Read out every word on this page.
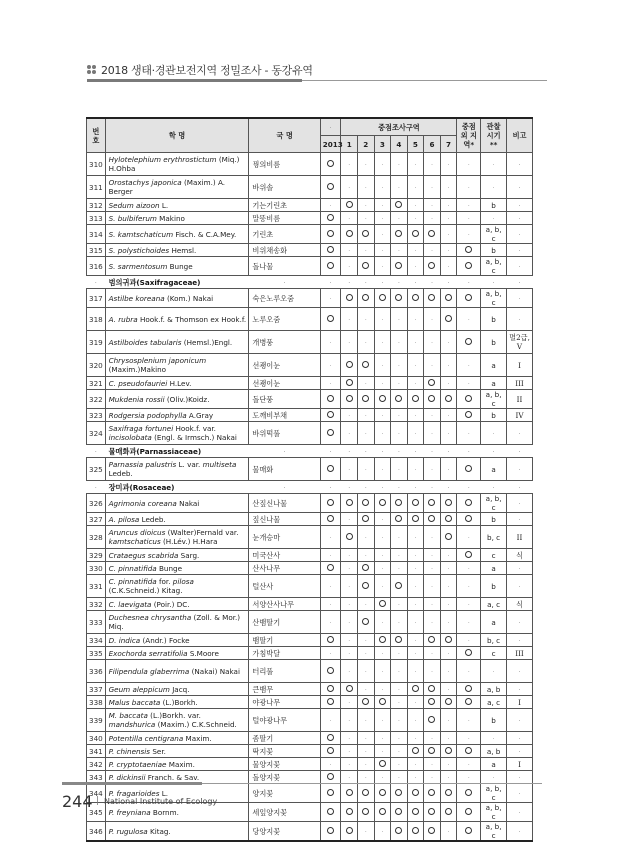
2018 생태·경관보전지역 정밀조사 - 동강유역
번호	학 명	국 명	·	중점조사구역							중점외 지역*	관찰 시기**	비고
			2013	1	2	3	4	5	6	7			
310	Hylotelephium erythrostictum (Miq.) H.Ohba	꿩의비름		·	·	·	·	·	·	·	·	·	·
311	Orostachys japonica (Maxim.) A. Berger	바위솔		·	·	·	·	·	·	·	·	·	·
312	Sedum aizoon L.	기는기린초	·		·	·		·	·	·	·	b	·
313	S. bulbiferum Makino	말똥비름		·	·	·	·	·	·	·	·	·	·
314	S. kamtschaticum Fisch. & C.A.Mey.	기린초				·				·	·	a, b, c	·
315	S. polystichoides Hemsl.	비위채송화		·	·	·	·	·	·	·		b	·
316	S. sarmentosum Bunge	돌나물		·		·		·		·		a, b, c	·
·	범의귀과(Saxifragaceae)	·	·	·	·	·	·	·	·	·	·	·	·
317	Astilbe koreana (Kom.) Nakai	숙은노루오줌	·									a, b, c	·
318	A. rubra Hook.f. & Thomson ex Hook.f.	노루오줌		·	·	·	·	·	·		·	b	·
319	Astilboides tabularis (Hemsl.)Engl.	개병풍	·	·	·	·	·	·	·	·		b	멸2급, V
320	Chrysosplenium japonicum (Maxim.)Makino	선괭이눈	·			·	·	·	·	·	·	a	I
321	C. pseudofauriei H.Lev.	선괭이눈	·		·	·	·	·		·	·	a	III
322	Mukdenia rossii (Oliv.)Koidz.	돌단풍										a, b, c	II
323	Rodgersia podophylla A.Gray	도깨비부채		·	·	·	·	·	·	·		b	IV
324	Saxifraga fortunei Hook.f. var. incisolobata (Engl. & Irmsch.) Nakai	바위떡풀		·	·	·	·	·	·	·	·	·	·
·	물매화과(Parnassiaceae)	·	·	·	·	·	·	·	·	·	·	·	·
325	Parnassia palustris L. var. multiseta Ledeb.	물매화		·	·	·	·	·	·	·		a	·
·	장미과(Rosaceae)	·	·	·	·	·	·	·	·	·	·	·	·
326	Agrimonia coreana Nakai	산짚신나물										a, b, c	·
327	A. pilosa Ledeb.	짚신나물		·		·						b	·
328	Aruncus dioicus (Walter)Fernald var. kamtschaticus (H.Lév.) H.Hara	눈개승마	·		·	·	·	·	·		·	b, c	II
329	Crataegus scabrida Sarg.	미국산사	·	·	·	·	·	·	·	·		c	식
330	C. pinnatifida Bunge	산사나무		·		·	·	·	·	·	·	a	·
331	C. pinnatifida for. pilosa (C.K.Schneid.) Kitag.	털산사	·	·		·		·	·	·	·	b	·
332	C. laevigata (Poir.) DC.	서양산사나무	·	·	·		·	·	·	·	·	a, c	식
333	Duchesnea chrysantha (Zoll. & Mor.) Miq.	산뱀딸기	·	·		·	·	·	·	·	·	a	·
334	D. indica (Andr.) Focke	뱀딸기		·	·			·			·	b, c	·
335	Exochorda serratifolia S.Moore	가침박달	·	·	·	·	·	·	·	·		c	III
336	Filipendula glaberrima (Nakai) Nakai	터리풀		·	·	·	·	·	·	·	·	·	·
337	Geum aleppicum Jacq.	큰뱀무			·	·	·			·		a, b	·
338	Malus baccata (L.)Borkh.	야광나무		·			·	·				a, c	I
339	M. baccata (L.)Borkh. var. mandshurica (Maxim.) C.K.Schneid.	털야광나무	·	·	·	·	·	·		·	·	b	·
340	Potentilla centigrana Maxim.	좀딸기		·	·	·	·	·	·	·	·	·	·
341	P. chinensis Ser.	딱지꽃		·	·	·	·					a, b	·
342	P. cryptotaeniae Maxim.	물양지꽃	·	·	·		·	·	·	·	·	a	I
343	P. dickinsii Franch. & Sav.	돌양지꽃		·	·	·	·	·	·	·	·	·	·
344	P. fragarioides L.	양지꽃										a, b, c	·
345	P. freyniana Bornm.	세잎양지꽃										a, b, c	·
346	P. rugulosa Kitag.	당양지꽃			·	·				·		a, b, c	·
244 | National Institute of Ecology
